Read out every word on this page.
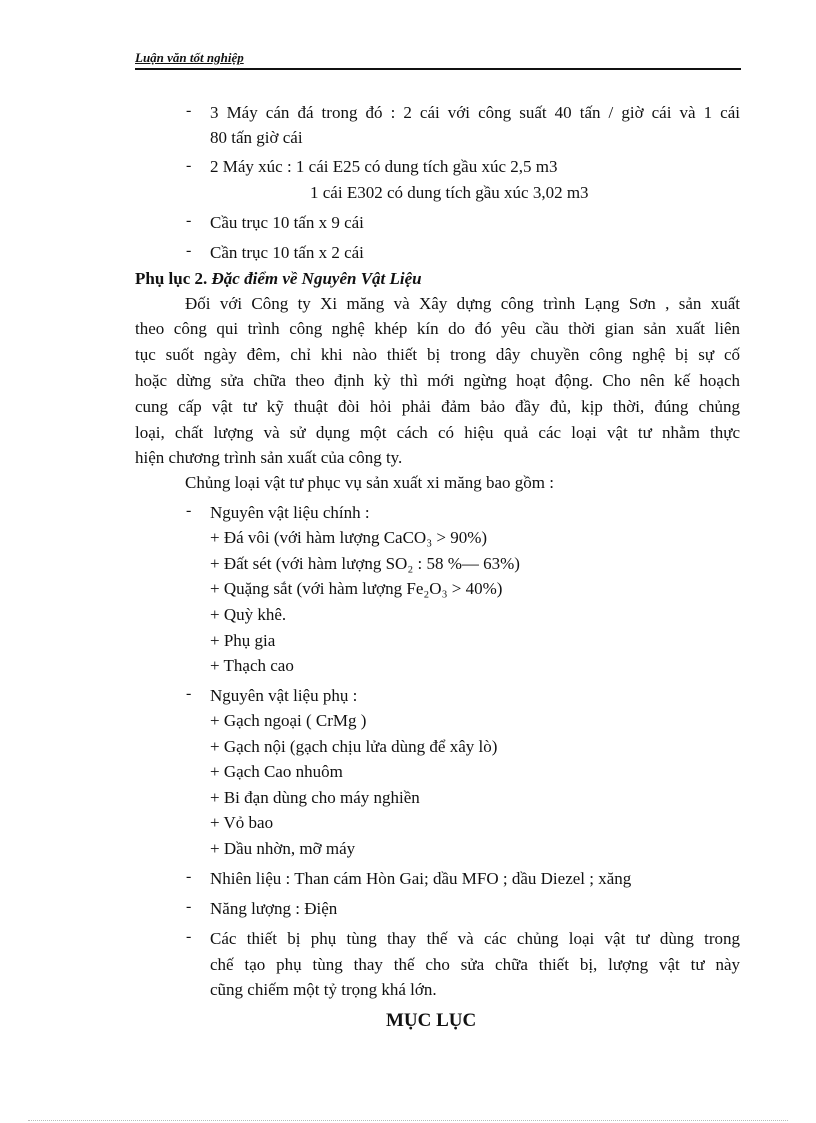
Luận văn tốt nghiệp
- 3 Máy cán đá trong đó : 2 cái với công suất 40 tấn / giờ cái và 1 cái
80 tấn giờ cái
- 2 Máy xúc : 1 cái E25 có dung tích gầu xúc 2,5 m3
1 cái E302 có dung tích gầu xúc 3,02 m3
- Cầu trục 10 tấn x 9 cái
- Cần trục 10 tấn x 2 cái
Phụ lục 2. Đặc điểm về Nguyên Vật Liệu
Đối với Công ty Xi măng và Xây dựng công trình Lạng Sơn , sản xuất
theo công qui trình công nghệ khép kín do đó yêu cầu thời gian sản xuất liên
tục suốt ngày đêm, chỉ khi nào thiết bị trong dây chuyền công nghệ bị sự cố
hoặc dừng sửa chữa theo định kỳ thì mới ngừng hoạt động. Cho nên kế hoạch
cung cấp vật tư kỹ thuật đòi hỏi phải đảm bảo đầy đủ, kịp thời, đúng chủng
loại, chất lượng và sử dụng một cách có hiệu quả các loại vật tư nhằm thực
hiện chương trình sản xuất của công ty.
Chủng loại vật tư phục vụ sản xuất xi măng bao gồm :
- Nguyên vật liệu chính :
+ Đá vôi (với hàm lượng CaCO₃ > 90%)
+ Đất sét (với hàm lượng SO₂ : 58 %— 63%)
+ Quặng sắt (với hàm lượng Fe₂O₃ > 40%)
+ Quỳ khê.
+ Phụ gia
+ Thạch cao
- Nguyên vật liệu phụ :
+ Gạch ngoại ( CrMg )
+ Gạch nội (gạch chịu lửa dùng để xây lò)
+ Gạch Cao nhuôm
+ Bi đạn dùng cho máy nghiền
+ Vỏ bao
+ Dầu nhờn, mỡ máy
- Nhiên liệu : Than cám Hòn Gai; dầu MFO ; dầu Diezel ; xăng
- Năng lượng : Điện
- Các thiết bị phụ tùng thay thế và các chủng loại vật tư dùng trong
chế tạo phụ tùng thay thế cho sửa chữa thiết bị, lượng vật tư này
cũng chiếm một tỷ trọng khá lớn.
MỤC LỤC
